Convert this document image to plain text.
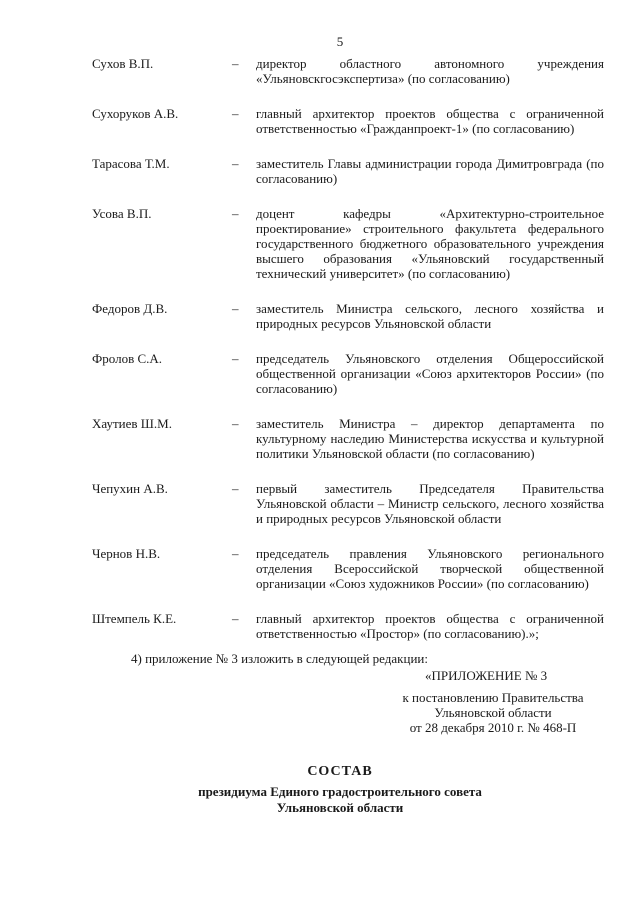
5
Сухов В.П.	–	директор областного автономного учреждения «Ульяновскгосэкспертиза» (по согласованию)
Сухоруков А.В.	–	главный архитектор проектов общества с ограниченной ответственностью «Гражданпроект-1» (по согласованию)
Тарасова Т.М.	–	заместитель Главы администрации города Димитровграда (по согласованию)
Усова В.П.	–	доцент кафедры «Архитектурно-строительное проектирование» строительного факультета федерального государственного бюджетного образовательного учреждения высшего образования «Ульяновский государственный технический университет» (по согласованию)
Федоров Д.В.	–	заместитель Министра сельского, лесного хозяйства и природных ресурсов Ульяновской области
Фролов С.А.	–	председатель Ульяновского отделения Общероссийской общественной организации «Союз архитекторов России» (по согласованию)
Хаутиев Ш.М.	–	заместитель Министра – директор департамента по культурному наследию Министерства искусства и культурной политики Ульяновской области (по согласованию)
Чепухин А.В.	–	первый заместитель Председателя Правительства Ульяновской области – Министр сельского, лесного хозяйства и природных ресурсов Ульяновской области
Чернов Н.В.	–	председатель правления Ульяновского регионального отделения Всероссийской творческой общественной организации «Союз художников России» (по согласованию)
Штемпель К.Е.	–	главный архитектор проектов общества с ограниченной ответственностью «Простор» (по согласованию).»;
4) приложение № 3 изложить в следующей редакции:
«ПРИЛОЖЕНИЕ № 3
к постановлению Правительства
Ульяновской области
от 28 декабря 2010 г. № 468-П
СОСТАВ
президиума Единого градостроительного совета
Ульяновской области
